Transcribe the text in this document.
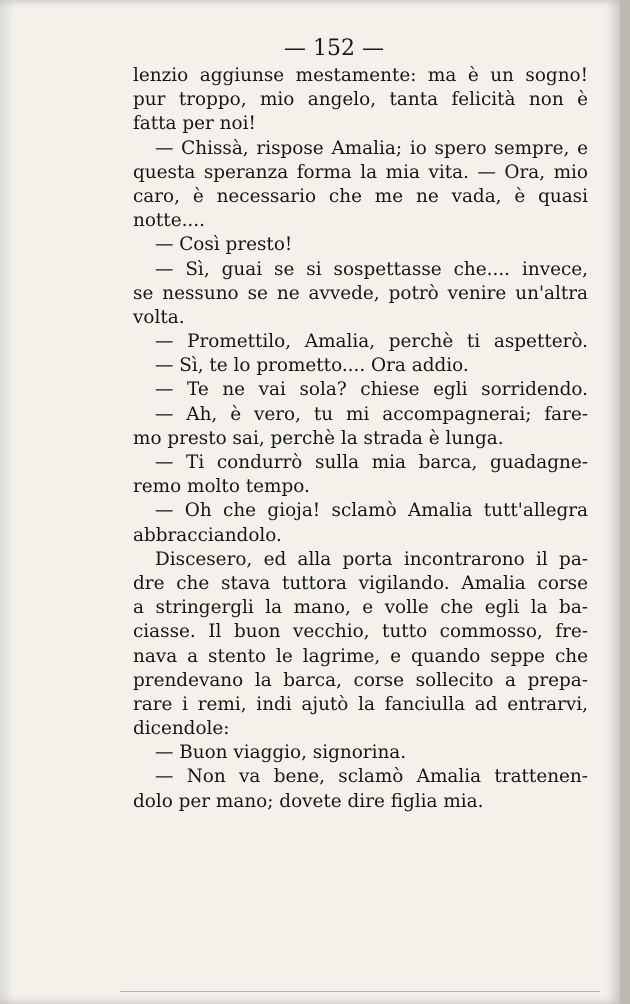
— 152 —

lenzio aggiunse mestamente: ma è un sogno!
pur troppo, mio angelo, tanta felicità non è
fatta per noi!
— Chissà, rispose Amalia; io spero sempre, e
questa speranza forma la mia vita. — Ora, mio
caro, è necessario che me ne vada, è quasi
notte....
— Così presto!
— Sì, guai se si sospettasse che.... invece,
se nessuno se ne avvede, potrò venire un'altra
volta.
— Promettilo, Amalia, perchè ti aspetterò.
— Sì, te lo prometto.... Ora addio.
— Te ne vai sola? chiese egli sorridendo.
— Ah, è vero, tu mi accompagnerai; fare-
mo presto sai, perchè la strada è lunga.
— Ti condurrò sulla mia barca, guadagne-
remo molto tempo.
— Oh che gioja! sclamò Amalia tutt'allegra
abbracciandolo.
Discesero, ed alla porta incontrarono il pa-
dre che stava tuttora vigilando. Amalia corse
a stringergli la mano, e volle che egli la ba-
ciasse. Il buon vecchio, tutto commosso, fre-
nava a stento le lagrime, e quando seppe che
prendevano la barca, corse sollecito a prepa-
rare i remi, indi ajutò la fanciulla ad entrarvi,
dicendole:
— Buon viaggio, signorina.
— Non va bene, sclamò Amalia trattenen-
dolo per mano; dovete dire figlia mia.
